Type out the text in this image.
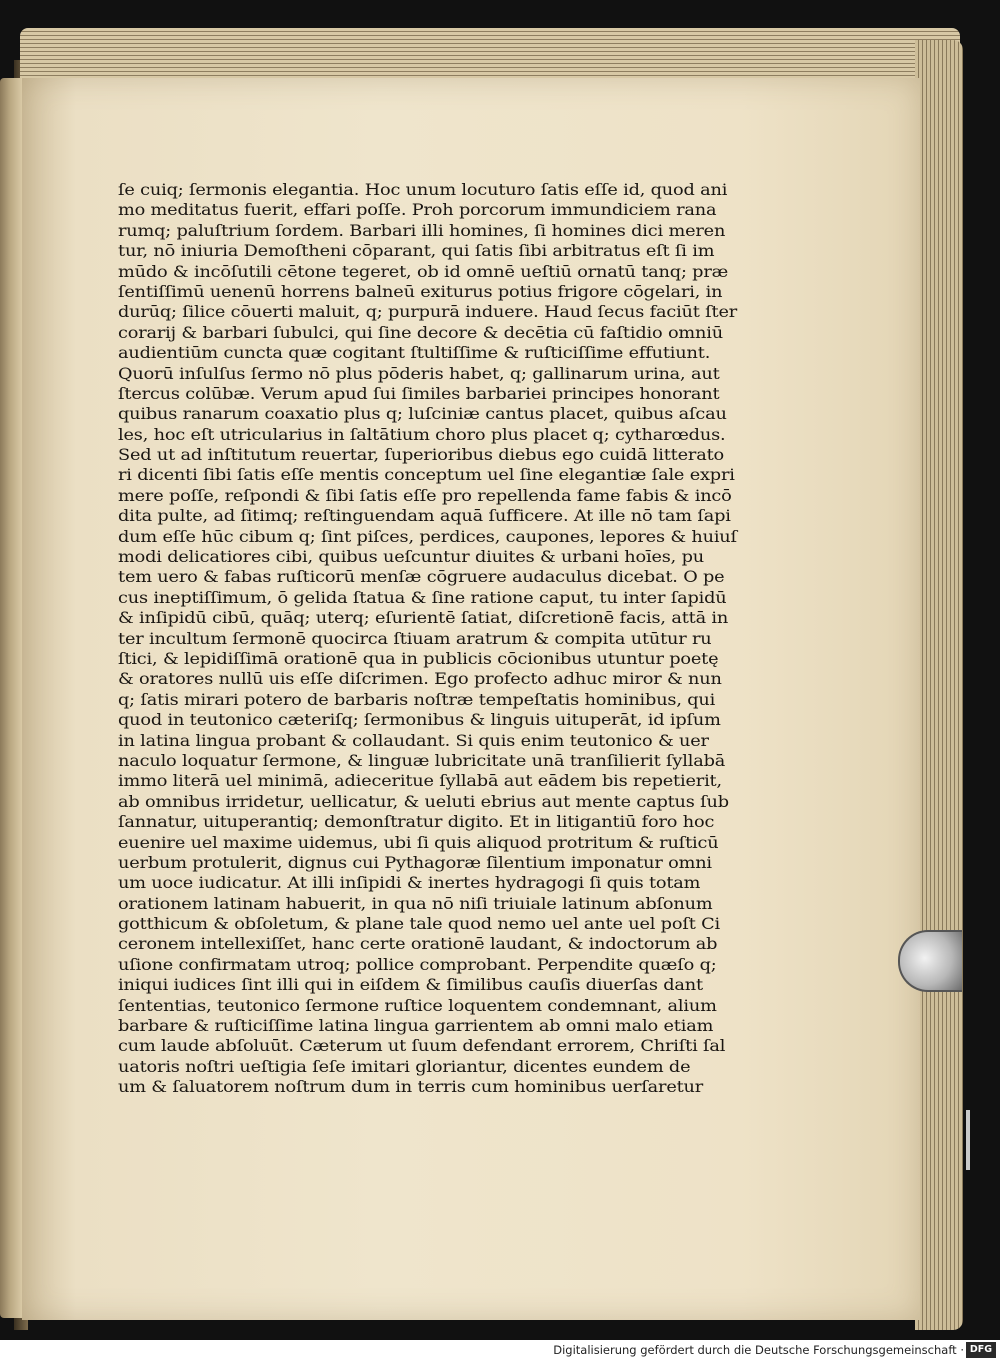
ſe cuiq; ſermonis elegantia. Hoc unum locuturo ſatis eſſe id, quod ani
mo meditatus fuerit, effari poſſe. Proh porcorum immundiciem rana
rumq; paluſtrium ſordem. Barbari illi homines, ſi homines dici meren
tur, nō iniuria Demoſtheni cōparant, qui ſatis ſibi arbitratus eſt ſi im
mūdo & incōſutili cētone tegeret, ob id omnē ueſtiū ornatū tanq; præ
ſentiſſimū uenenū horrens balneū exiturus potius frigore cōgelari, in
durūq; ſilice cōuerti maluit, q; purpurā induere. Haud ſecus faciūt ſter
corarij & barbari ſubulci, qui ſine decore & decētia cū faſtidio omniū
audientiūm cuncta quæ cogitant ſtultiſſime & ruſticiſſime effutiunt.
Quorū inſulſus ſermo nō plus pōderis habet, q; gallinarum urina, aut
ſtercus colūbæ. Verum apud ſui ſimiles barbariei principes honorant
quibus ranarum coaxatio plus q; luſciniæ cantus placet, quibus aſcau
les, hoc eſt utricularius in ſaltātium choro plus placet q; cytharœdus.
Sed ut ad inſtitutum reuertar, ſuperioribus diebus ego cuidā litterato
ri dicenti ſibi ſatis eſſe mentis conceptum uel ſine elegantiæ ſale expri
mere poſſe, reſpondi & ſibi ſatis eſſe pro repellenda fame fabis & incō
dita pulte, ad ſitimq; reſtinguendam aquā ſufficere. At ille nō tam ſapi
dum eſſe hūc cibum q; ſint piſces, perdices, caupones, lepores & huiuſ
modi delicatiores cibi, quibus ueſcuntur diuites & urbani hoīes, pu
tem uero & fabas ruſticorū menſæ cōgruere audaculus dicebat. O pe
cus ineptiſſimum, ō gelida ſtatua & ſine ratione caput, tu inter ſapidū
& inſipidū cibū, quāq; uterq; eſurientē ſatiat, diſcretionē facis, attā in
ter incultum ſermonē quocirca ſtiuam aratrum & compita utūtur ru
ſtici, & lepidiſſimā orationē qua in publicis cōcionibus utuntur poetę
& oratores nullū uis eſſe diſcrimen. Ego profecto adhuc miror & nun
q; ſatis mirari potero de barbaris noſtræ tempeſtatis hominibus, qui
quod in teutonico cæteriſq; ſermonibus & linguis uituperāt, id ipſum
in latina lingua probant & collaudant. Si quis enim teutonico & uer
naculo loquatur ſermone, & linguæ lubricitate unā tranſilierit ſyllabā
immo literā uel minimā, adieceritue ſyllabā aut eādem bis repetierit,
ab omnibus irridetur, uellicatur, & ueluti ebrius aut mente captus ſub
ſannatur, uituperantiq; demonſtratur digito. Et in litigantiū foro hoc
euenire uel maxime uidemus, ubi ſi quis aliquod protritum & ruſticū
uerbum protulerit, dignus cui Pythagoræ ſilentium imponatur omni
um uoce iudicatur. At illi inſipidi & inertes hydragogi ſi quis totam
orationem latinam habuerit, in qua nō niſi triuiale latinum abſonum
gotthicum & obſoletum, & plane tale quod nemo uel ante uel poſt Ci
ceronem intellexiſſet, hanc certe orationē laudant, & indoctorum ab
uſione confirmatam utroq; pollice comprobant. Perpendite quæſo q;
iniqui iudices ſint illi qui in eiſdem & ſimilibus cauſis diuerſas dant
ſententias, teutonico ſermone ruſtice loquentem condemnant, alium
barbare & ruſticiſſime latina lingua garrientem ab omni malo etiam
cum laude abſoluūt. Cæterum ut ſuum defendant errorem, Chriſti ſal
uatoris noſtri ueſtigia ſeſe imitari gloriantur, dicentes eundem de
um & ſaluatorem noſtrum dum in terris cum hominibus uerſaretur
Digitalisierung gefördert durch die Deutsche Forschungsgemeinschaft · DFG
